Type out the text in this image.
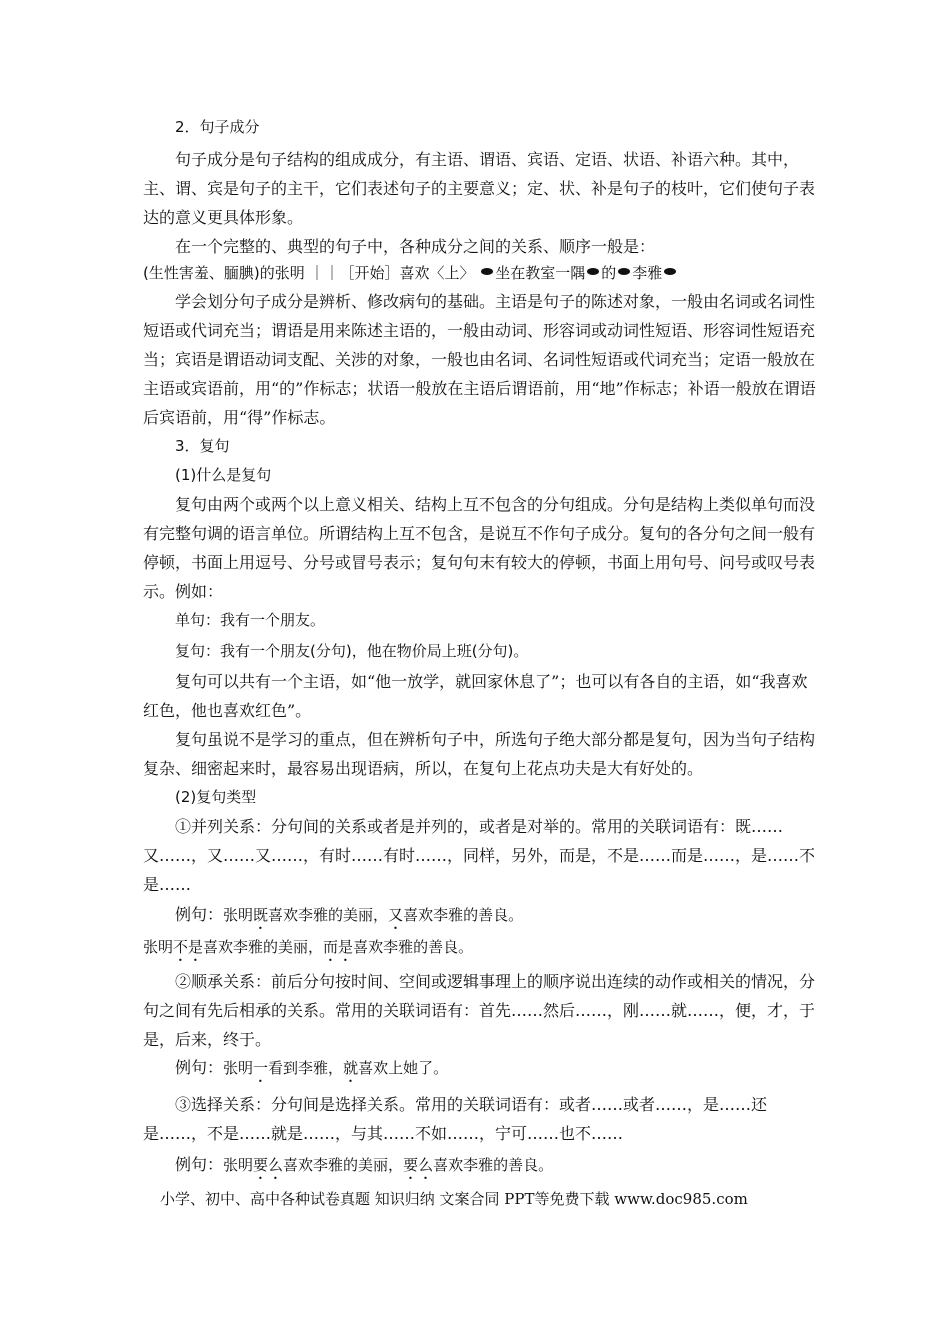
2．句子成分

句子成分是句子结构的组成成分，有主语、谓语、宾语、定语、状语、补语六种。其中，主、谓、宾是句子的主干，它们表述句子的主要意义；定、状、补是句子的枝叶，它们使句子表达的意义更具体形象。

在一个完整的、典型的句子中，各种成分之间的关系、顺序一般是：

(生性害羞、腼腆)的张明 ｜｜［开始］喜欢〈上〉 坐在教室一隅 的 李雅

学会划分句子成分是辨析、修改病句的基础。主语是句子的陈述对象，一般由名词或名词性短语或代词充当；谓语是用来陈述主语的，一般由动词、形容词或动词性短语、形容词性短语充当；宾语是谓语动词支配、关涉的对象，一般也由名词、名词性短语或代词充当；定语一般放在主语或宾语前，用“的”作标志；状语一般放在主语后谓语前，用“地”作标志；补语一般放在谓语后宾语前，用“得”作标志。

3．复句

(1)什么是复句

复句由两个或两个以上意义相关、结构上互不包含的分句组成。分句是结构上类似单句而没有完整句调的语言单位。所谓结构上互不包含，是说互不作句子成分。复句的各分句之间一般有停顿，书面上用逗号、分号或冒号表示；复句句末有较大的停顿，书面上用句号、问号或叹号表示。例如：

单句：我有一个朋友。

复句：我有一个朋友(分句)，他在物价局上班(分句)。

复句可以共有一个主语，如“他一放学，就回家休息了”；也可以有各自的主语，如“我喜欢红色，他也喜欢红色”。

复句虽说不是学习的重点，但在辨析句子中，所选句子绝大部分都是复句，因为当句子结构复杂、细密起来时，最容易出现语病，所以，在复句上花点功夫是大有好处的。

(2)复句类型

①并列关系：分句间的关系或者是并列的，或者是对举的。常用的关联词语有：既……又……，又……又……，有时……有时……，同样，另外，而是，不是……而是……，是……不是……

例句：张明既喜欢李雅的美丽，又喜欢李雅的善良。

张明不是喜欢李雅的美丽，而是喜欢李雅的善良。

②顺承关系：前后分句按时间、空间或逻辑事理上的顺序说出连续的动作或相关的情况，分句之间有先后相承的关系。常用的关联词语有：首先……然后……，刚……就……，便，才，于是，后来，终于。

例句：张明一看到李雅，就喜欢上她了。

③选择关系：分句间是选择关系。常用的关联词语有：或者……或者……，是……还是……，不是……就是……，与其……不如……，宁可……也不……

例句：张明要么喜欢李雅的美丽，要么喜欢李雅的善良。

小学、初中、高中各种试卷真题 知识归纳 文案合同 PPT等免费下载 www.doc985.com
